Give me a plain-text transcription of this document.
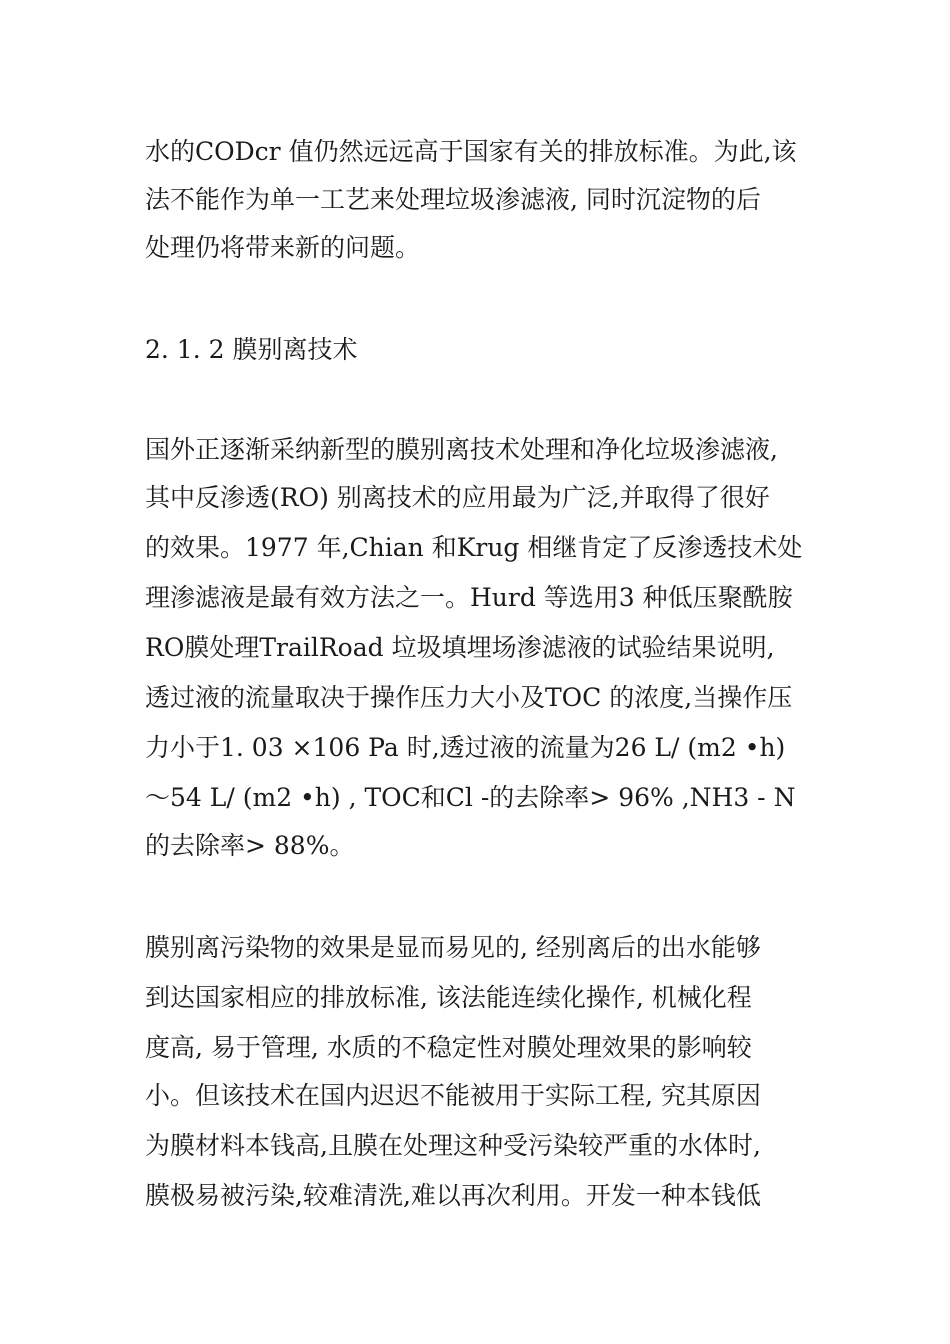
水的CODcr 值仍然远远高于国家有关的排放标准。为此,该
法不能作为单一工艺来处理垃圾渗滤液, 同时沉淀物的后
处理仍将带来新的问题。
2. 1. 2 膜别离技术
国外正逐渐采纳新型的膜别离技术处理和净化垃圾渗滤液,
其中反渗透(RO) 别离技术的应用最为广泛,并取得了很好
的效果。1977 年,Chian 和Krug 相继肯定了反渗透技术处
理渗滤液是最有效方法之一。Hurd 等选用3 种低压聚酰胺
RO膜处理TrailRoad 垃圾填埋场渗滤液的试验结果说明,
透过液的流量取决于操作压力大小及TOC 的浓度,当操作压
力小于1. 03 ×106 Pa 时,透过液的流量为26 L/ (m2 •h)
～54 L/ (m2 •h) , TOC和Cl -的去除率> 96% ,NH3 - N
的去除率> 88%。
膜别离污染物的效果是显而易见的, 经别离后的出水能够
到达国家相应的排放标准, 该法能连续化操作, 机械化程
度高, 易于管理, 水质的不稳定性对膜处理效果的影响较
小。但该技术在国内迟迟不能被用于实际工程, 究其原因
为膜材料本钱高,且膜在处理这种受污染较严重的水体时,
膜极易被污染,较难清洗,难以再次利用。开发一种本钱低
